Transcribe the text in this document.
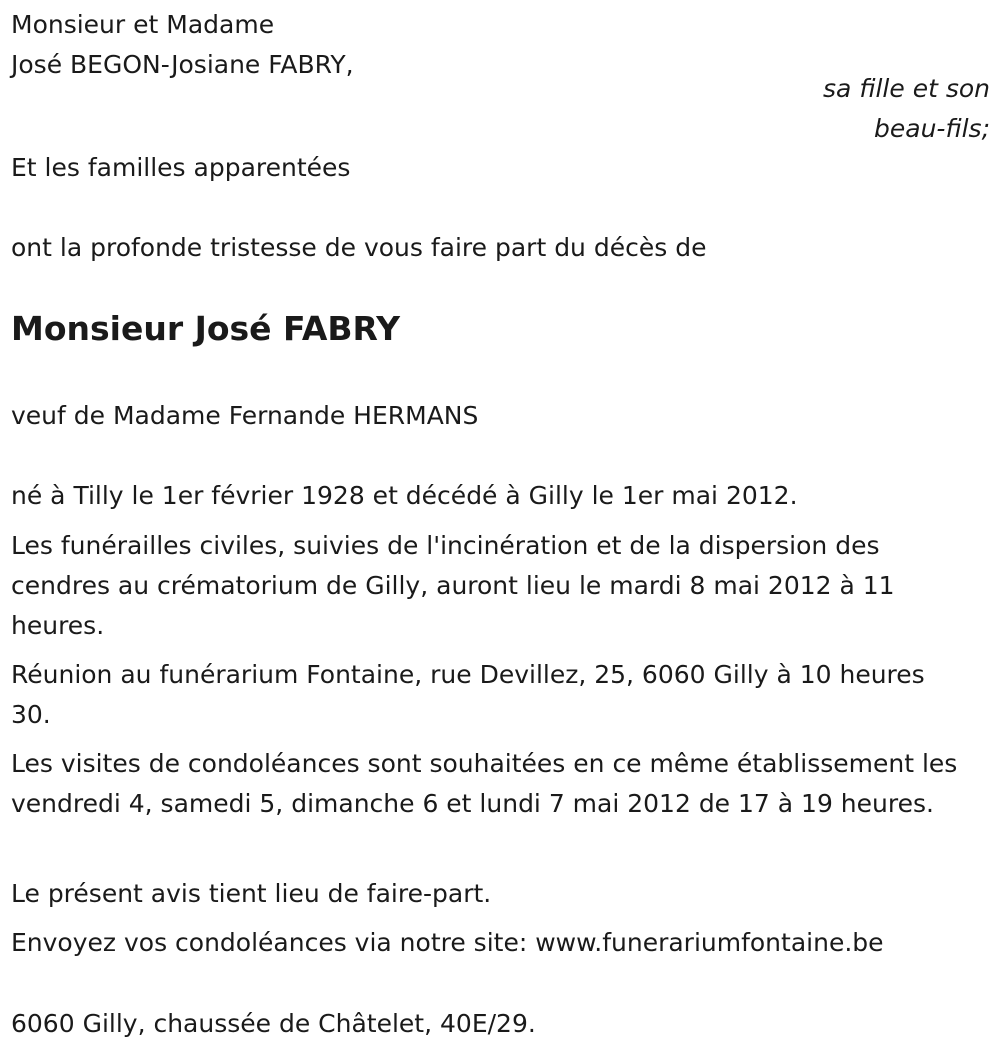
Monsieur et Madame
José BEGON-Josiane FABRY,
sa fille et son
beau-fils;
Et les familles apparentées
ont la profonde tristesse de vous faire part du décès de
Monsieur José FABRY
veuf de Madame Fernande HERMANS
né à Tilly le 1er février 1928 et décédé à Gilly le 1er mai 2012.

Les funérailles civiles, suivies de l'incinération et de la dispersion des cendres au crématorium de Gilly, auront lieu le mardi 8 mai 2012 à 11 heures.

Réunion au funérarium Fontaine, rue Devillez, 25, 6060 Gilly à 10 heures 30.

Les visites de condoléances sont souhaitées en ce même établissement les vendredi 4, samedi 5, dimanche 6 et lundi 7 mai 2012 de 17 à 19 heures.

Le présent avis tient lieu de faire-part.
Envoyez vos condoléances via notre site: www.funerariumfontaine.be
6060 Gilly, chaussée de Châtelet, 40E/29.
